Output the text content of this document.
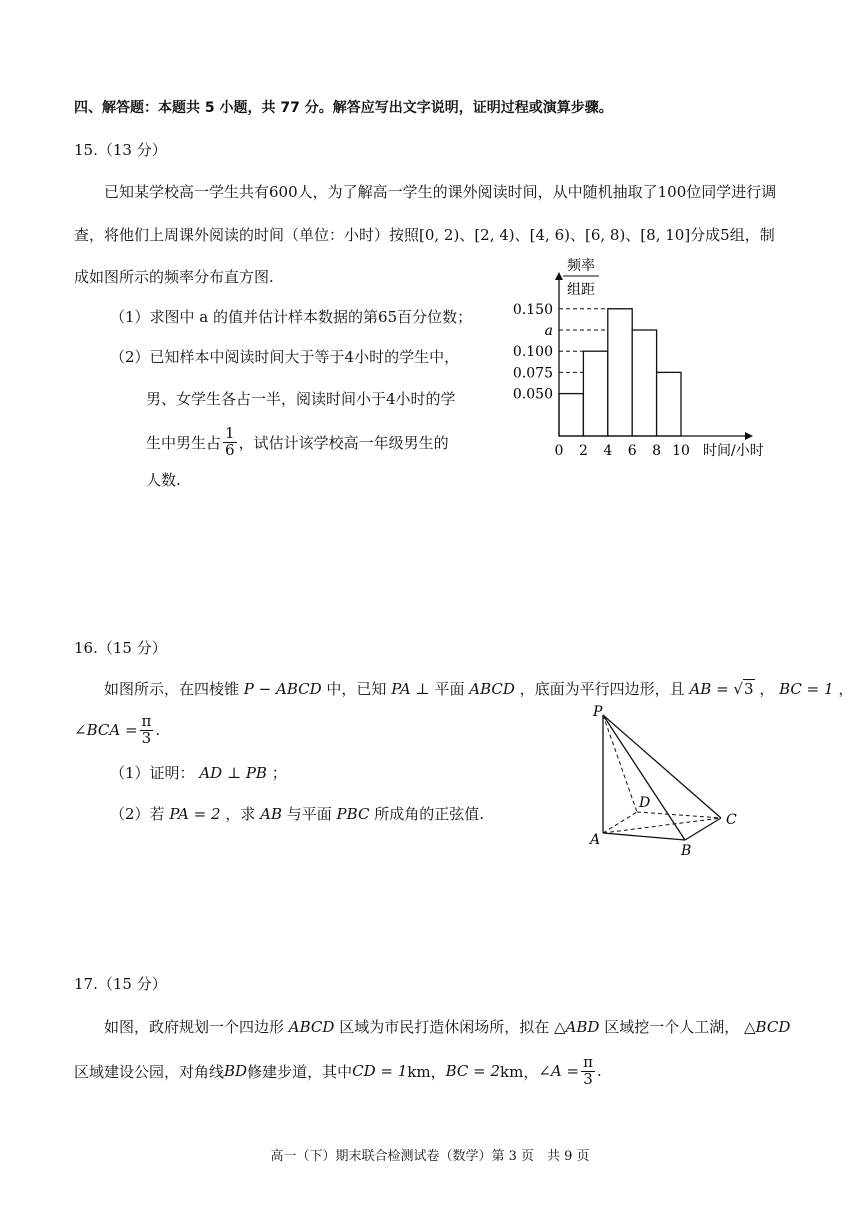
四、解答题：本题共 5 小题，共 77 分。解答应写出文字说明，证明过程或演算步骤。
15.（13 分）
已知某学校高一学生共有600人，为了解高一学生的课外阅读时间，从中随机抽取了100位同学进行调
查，将他们上周课外阅读的时间（单位：小时）按照[0, 2)、[2, 4)、[4, 6)、[6, 8)、[8, 10]分成5组，制
成如图所示的频率分布直方图.
（1）求图中 a 的值并估计样本数据的第65百分位数；
（2）已知样本中阅读时间大于等于4小时的学生中，
男、女学生各占一半，阅读时间小于4小时的学
生中男生占 $\frac{1}{6}$ ，试估计该学校高一年级男生的
人数.
频率
组距
时间/小时
0.150
a
0.100
0.075
0.050
0 2 4 6 8 10
16.（15 分）
如图所示，在四棱锥 P − ABCD 中，已知 PA ⊥ 平面 ABCD ，底面为平行四边形，且 AB = √3 ， BC = 1 ，
∠BCA = $\frac{\pi}{3}$ .
（1）证明： AD ⊥ PB ；
（2）若 PA = 2 ，求 AB 与平面 PBC 所成角的正弦值.
P
D
C
A
B
17.（15 分）
如图，政府规划一个四边形 ABCD 区域为市民打造休闲场所，拟在 △ABD 区域挖一个人工湖， △BCD
区域建设公园，对角线 BD 修建步道，其中 CD = 1 km， BC = 2 km， ∠A = $\frac{\pi}{3}$ .
高一（下）期末联合检测试卷（数学）第 3 页　共 9 页
